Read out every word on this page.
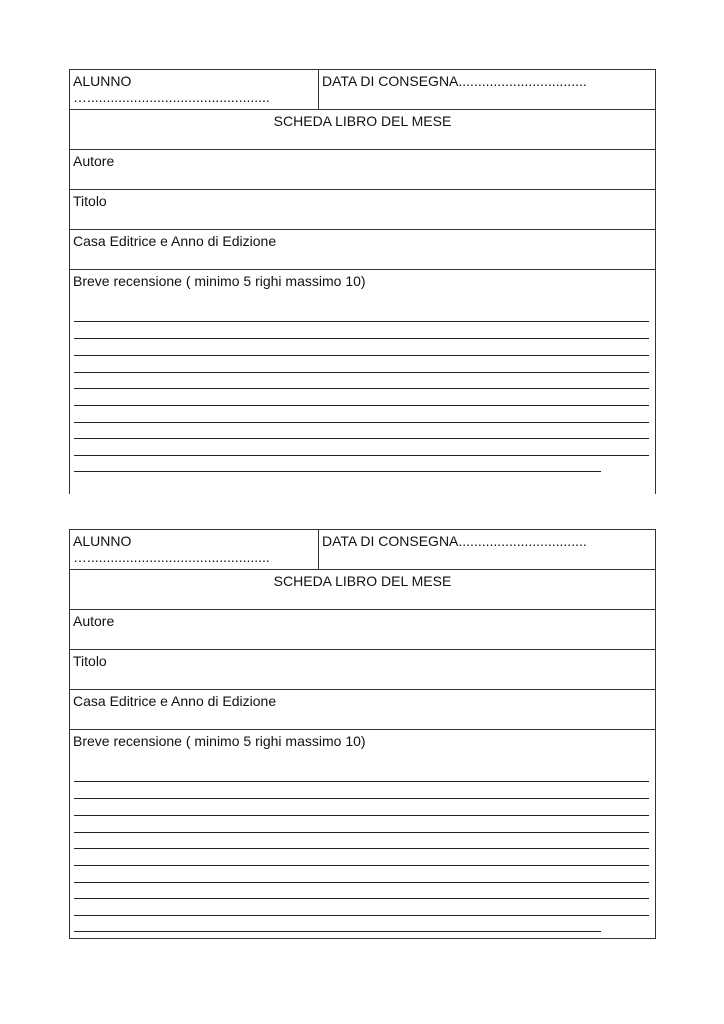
ALUNNO
…...............................................
DATA DI CONSEGNA.................................
SCHEDA LIBRO DEL MESE
Autore
Titolo
Casa Editrice e Anno di Edizione
Breve recensione ( minimo 5 righi massimo 10)
ALUNNO
…...............................................
DATA DI CONSEGNA.................................
SCHEDA LIBRO DEL MESE
Autore
Titolo
Casa Editrice e Anno di Edizione
Breve recensione ( minimo 5 righi massimo 10)
